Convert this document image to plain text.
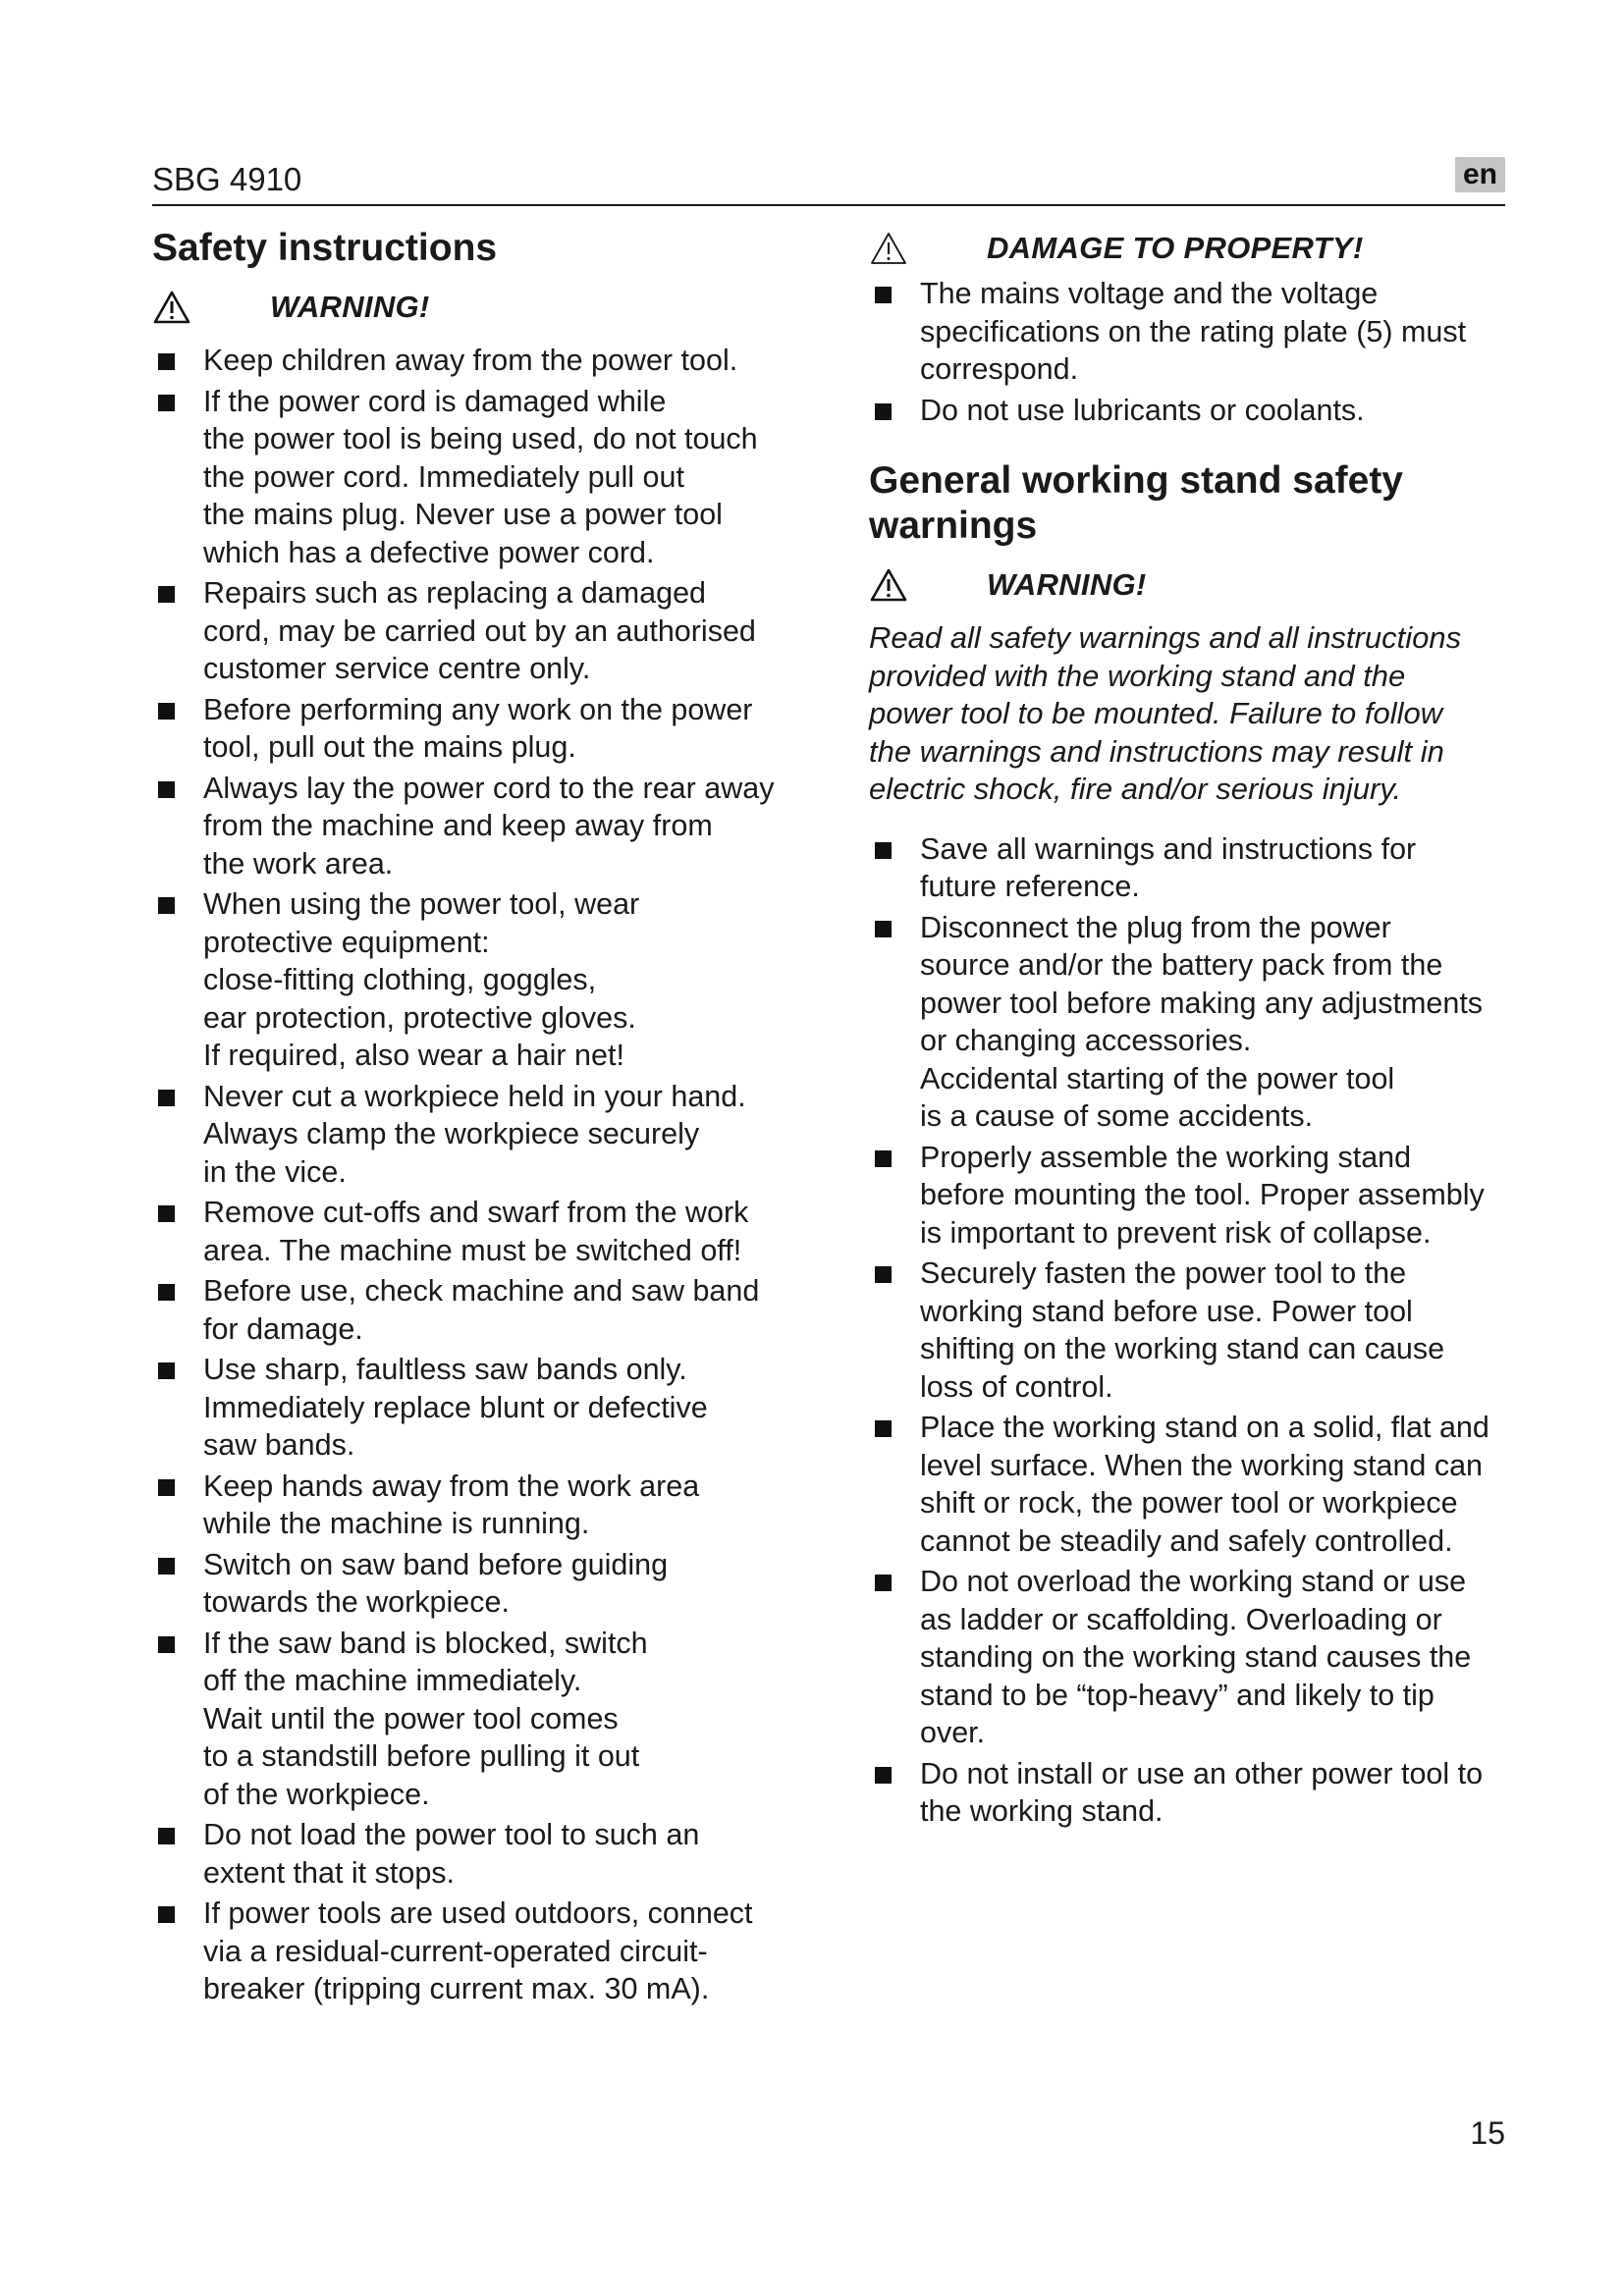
SBG 4910	en
Safety instructions
WARNING!
Keep children away from the power tool.
If the power cord is damaged while
the power tool is being used, do not touch
the power cord. Immediately pull out
the mains plug. Never use a power tool
which has a defective power cord.
Repairs such as replacing a damaged
cord, may be carried out by an authorised
customer service centre only.
Before performing any work on the power
tool, pull out the mains plug.
Always lay the power cord to the rear away
from the machine and keep away from
the work area.
When using the power tool, wear
protective equipment:
close-fitting clothing, goggles,
ear protection, protective gloves.
If required, also wear a hair net!
Never cut a workpiece held in your hand.
Always clamp the workpiece securely
in the vice.
Remove cut-offs and swarf from the work
area. The machine must be switched off!
Before use, check machine and saw band
for damage.
Use sharp, faultless saw bands only.
Immediately replace blunt or defective
saw bands.
Keep hands away from the work area
while the machine is running.
Switch on saw band before guiding
towards the workpiece.
If the saw band is blocked, switch
off the machine immediately.
Wait until the power tool comes
to a standstill before pulling it out
of the workpiece.
Do not load the power tool to such an
extent that it stops.
If power tools are used outdoors, connect
via a residual-current-operated circuit-
breaker (tripping current max. 30 mA).
DAMAGE TO PROPERTY!
The mains voltage and the voltage
specifications on the rating plate (5) must
correspond.
Do not use lubricants or coolants.
General working stand safety
warnings
WARNING!

Read all safety warnings and all instructions
provided with the working stand and the
power tool to be mounted. Failure to follow
the warnings and instructions may result in
electric shock, fire and/or serious injury.

Save all warnings and instructions for
future reference.
Disconnect the plug from the power
source and/or the battery pack from the
power tool before making any adjustments
or changing accessories.
Accidental starting of the power tool
is a cause of some accidents.
Properly assemble the working stand
before mounting the tool. Proper assembly
is important to prevent risk of collapse.
Securely fasten the power tool to the
working stand before use. Power tool
shifting on the working stand can cause
loss of control.
Place the working stand on a solid, flat and
level surface. When the working stand can
shift or rock, the power tool or workpiece
cannot be steadily and safely controlled.
Do not overload the working stand or use
as ladder or scaffolding. Overloading or
standing on the working stand causes the
stand to be “top-heavy” and likely to tip
over.
Do not install or use an other power tool to
the working stand.
15
